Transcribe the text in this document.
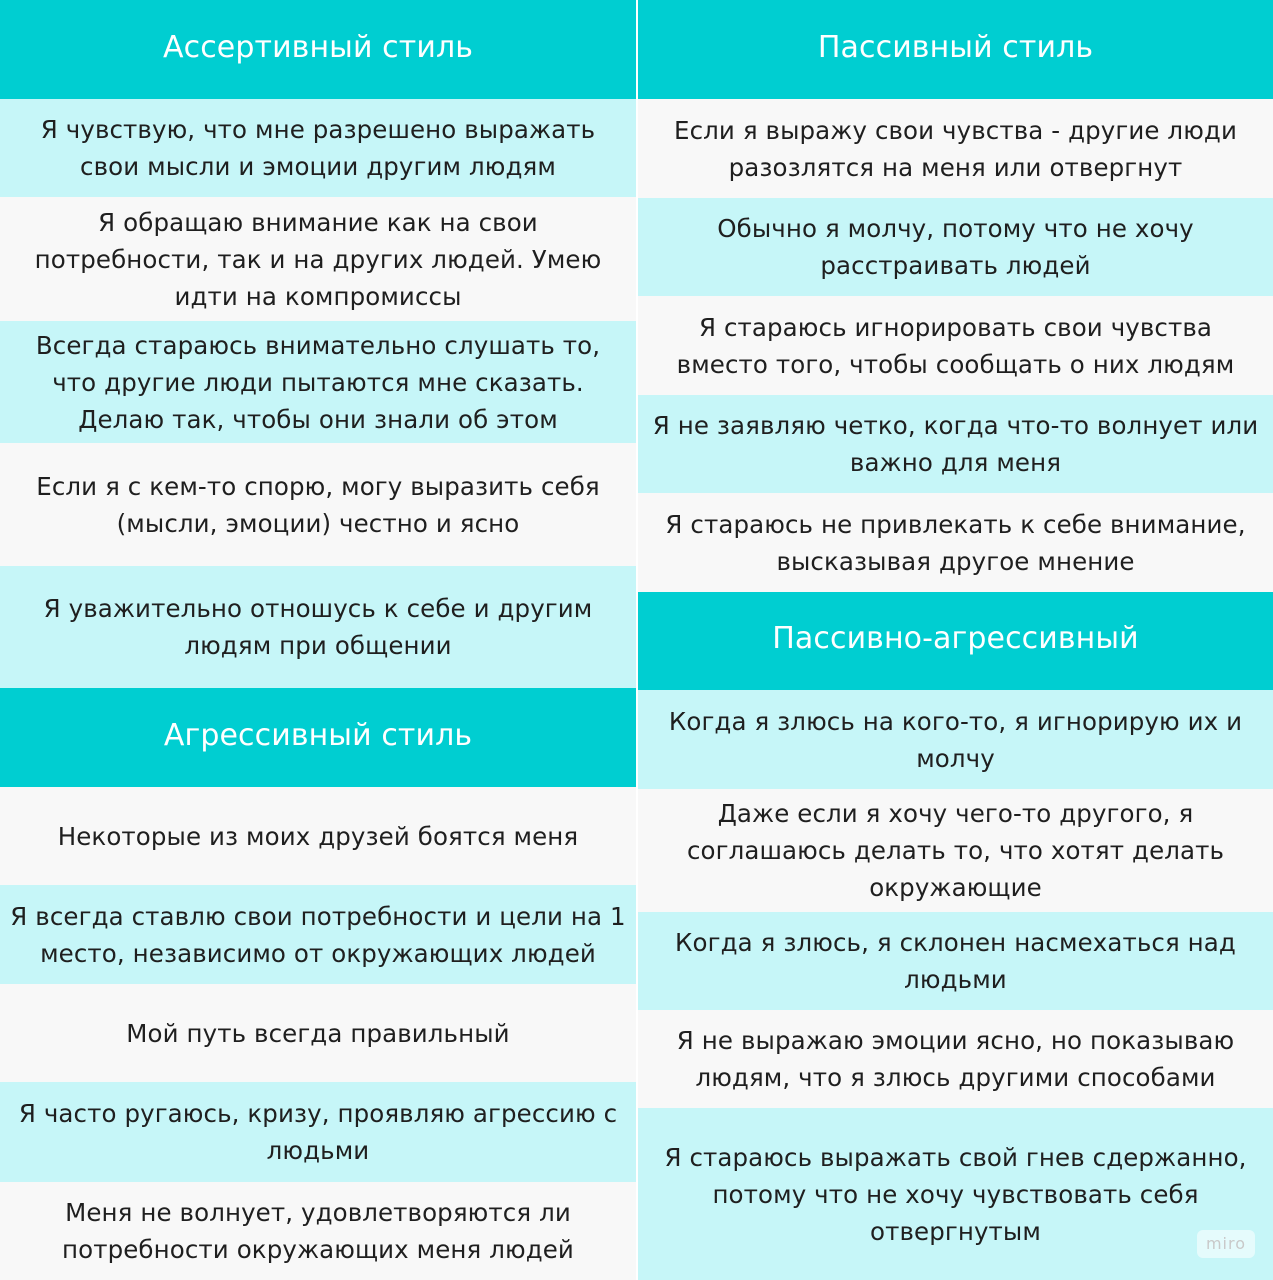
Ассертивный стиль
Я чувствую, что мне разрешено выражать свои мысли и эмоции другим людям
Я обращаю внимание как на свои потребности, так и на других людей. Умею идти на компромиссы
Всегда стараюсь внимательно слушать то, что другие люди пытаются мне сказать. Делаю так, чтобы они знали об этом
Если я с кем-то спорю, могу выразить себя (мысли, эмоции) честно и ясно
Я уважительно отношусь к себе и другим людям при общении
Агрессивный стиль
Некоторые из моих друзей боятся меня
Я всегда ставлю свои потребности и цели на 1 место, независимо от окружающих людей
Мой путь всегда правильный
Я часто ругаюсь, кризу, проявляю агрессию с людьми
Меня не волнует, удовлетворяются ли потребности окружающих меня людей
Пассивный стиль
Если я выражу свои чувства - другие люди разозлятся на меня или отвергнут
Обычно я молчу, потому что не хочу расстраивать людей
Я стараюсь игнорировать свои чувства вместо того, чтобы сообщать о них людям
Я не заявляю четко, когда что-то волнует или важно для меня
Я стараюсь не привлекать к себе внимание, высказывая другое мнение
Пассивно-агрессивный
Когда я злюсь на кого-то, я игнорирую их и молчу
Даже если я хочу чего-то другого, я соглашаюсь делать то, что хотят делать окружающие
Когда я злюсь, я склонен насмехаться над людьми
Я не выражаю эмоции ясно, но показываю людям, что я злюсь другими способами
Я стараюсь выражать свой гнев сдержанно, потому что не хочу чувствовать себя отвергнутым	miro
